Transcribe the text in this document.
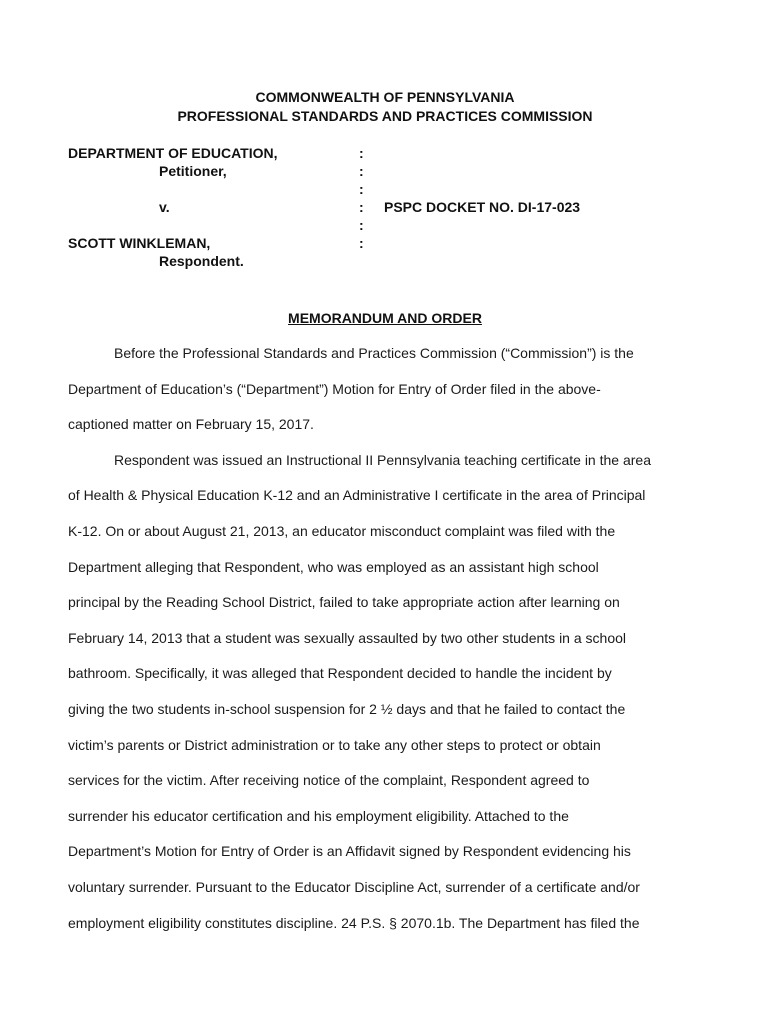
COMMONWEALTH OF PENNSYLVANIA
PROFESSIONAL STANDARDS AND PRACTICES COMMISSION
DEPARTMENT OF EDUCATION,	:
Petitioner,	:
:
v.	: PSPC DOCKET NO. DI-17-023
:
SCOTT WINKLEMAN,	:
Respondent.
MEMORANDUM AND ORDER
Before the Professional Standards and Practices Commission (“Commission”) is the
Department of Education’s (“Department”) Motion for Entry of Order filed in the above-
captioned matter on February 15, 2017.
Respondent was issued an Instructional II Pennsylvania teaching certificate in the area
of Health & Physical Education K-12 and an Administrative I certificate in the area of Principal
K-12. On or about August 21, 2013, an educator misconduct complaint was filed with the
Department alleging that Respondent, who was employed as an assistant high school
principal by the Reading School District, failed to take appropriate action after learning on
February 14, 2013 that a student was sexually assaulted by two other students in a school
bathroom. Specifically, it was alleged that Respondent decided to handle the incident by
giving the two students in-school suspension for 2 ½ days and that he failed to contact the
victim’s parents or District administration or to take any other steps to protect or obtain
services for the victim. After receiving notice of the complaint, Respondent agreed to
surrender his educator certification and his employment eligibility. Attached to the
Department’s Motion for Entry of Order is an Affidavit signed by Respondent evidencing his
voluntary surrender. Pursuant to the Educator Discipline Act, surrender of a certificate and/or
employment eligibility constitutes discipline. 24 P.S. § 2070.1b. The Department has filed the
